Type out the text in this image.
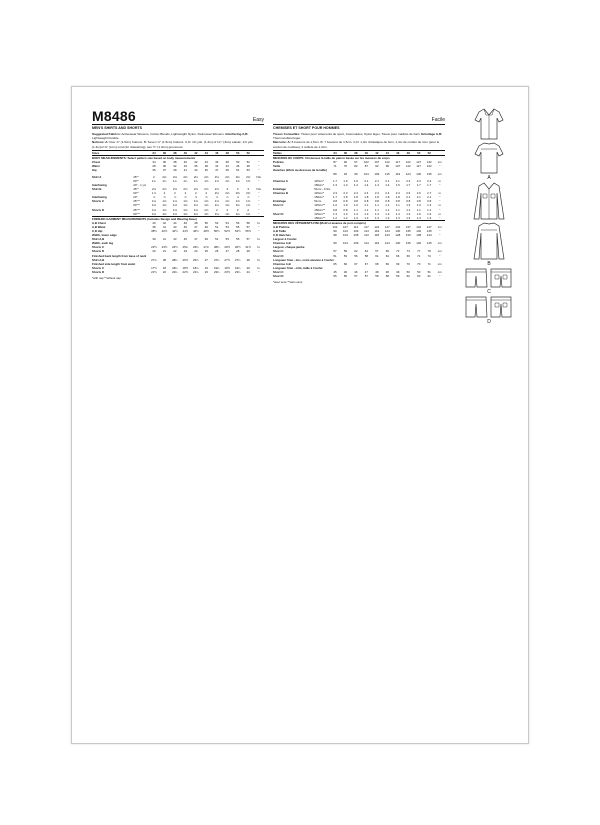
M8486	Easy
MEN'S SHIRTS AND SHORTS
Suggested Fabrics: Activewear Wovens, Cotton Blends, Lightweight Nylon, Swimwear Wovens. Interfacing A,B: Lightweight Fusible.
Notions: A: Five ⅝" (1.5cm) buttons. B: Seven ⅝" (1.5cm) buttons. C,D: 1⅜ yds. (1.3m) of 1¼" (3cm) elastic, 1⅜ yds. (1.4m)of ⅜" (1cm) cord (for drawstring), two ½" (1.3cm) grommets.
Sizes		34	36	38	40	42	44	46	48	50	52	
BODY MEASUREMENTS: Select pattern size based on body measurements												
Chest		34	36	38	40	42	44	46	48	50	52	"
Waist		28	30	32	34	36	39	42	44	46	48	"
Hip		35	37	39	41	43	45	47	49	51	53	"

Shirt A	45"*	2	2⅛	2⅛	2⅛	2⅛	2⅛	2⅛	2⅛	2⅛	2⅛	Yds.
	60"*	1¾	1¾	1¾	1¾	1¾	1⅝	1⅝	1⅝	1⅝	1⅝	"
Interfacing	20" - 1 yd.											
Shirt B	45"*	2⅝	2⅝	2⅝	2⅝	2⅝	2⅝	2⅝	3	3	3	Yds.
	60"*	1⅞	2	2	2	2	2	2⅛	2⅛	2⅜	2⅜	"
Interfacing	20"	⅞	⅞	⅞	⅞	⅞	⅞	⅞	⅞	⅞	⅞	"
Shorts C	45"**	1⅝	1⅝	1⅝	1⅝	1⅝	1⅝	1⅝	1⅝	1⅝	1⅝	"
	60"**	1⅛	1⅛	1⅛	1⅛	1⅛	1⅛	1⅛	1⅛	1⅛	1⅛	"
Shorts D	45"**	1⅝	1⅝	1⅝	1⅝	1⅝	1⅝	2	2	2	2	"
	60"**	1⅛	1⅛	1⅛	1⅛	1⅛	1⅛	1⅛	1⅛	1⅛	1⅛	"
FINISHED GARMENT MEASUREMENTS (Includes Design and Wearing Ease)												
A,B Chest		40	42	44	46	48	50	52	54	56	58	In.
A,B Waist		38	41	43	45	47	49	51	53	55	57	"
C,D Hip		38½	40½	42½	44½	46½	48½	50½	52½	54½	56½	"
Width, lower edge												
Shirt A,B		39	41	43	45	47	49	51	53	55	57	In.
Width, each leg												
Shorts C		22½	23½	24½	25¼	26¼	27¼	28¼	29½	30½	31½	In.
Shorts D		20	21	22	23	24	25	26	27	28	29	"
Finished back length from base of neck												
Shirt A,B		27¾	28	28¼	26½	26¾	27	27¼	27½	27¾	28	In.
Finished side length from waist												
Shorts C		17½	18	18¼	18½	18¾	19	19¼	19½	19¾	20	In.
Shorts D		21½	22	22¼	22½	22¾	23	23¼	23½	23¾	24	"
*with nap **without nap
Facile
CHEMISES ET SHORT POUR HOMMES
Tissus Conseillés: Tissus pour vêtements de sport, Cotonnades, Nylon léger, Tissus pour maillots de bain. Entoilage A,B: Thermocollant léger.
Mercerie: A: 5 boutons de 1,5cm. B: 7 boutons de 1,5cm. C,D: 1,3m d'élastique de 3cm, 1,4m de cordon de 1cm (pour le cordon de coulisse), 2 œillets de 1,3cm.
Tailles		34	36	38	40	42	44	46	48	50	52	
MESURES DU CORPS: Choisissez la taille du patron basée sur les mesures du corps												
Poitrine		87	92	97	102	107	112	117	122	127	132	cm
Taille		71	76	82	87	92	99	107	112	117	122	"
Hanches (23cm au-dessous de la taille)												
		89	94	99	104	109	115	119	124	130	135	cm

Chemise A	115cm*	1.7	1.9	1.9	2.1	2.1	2.1	2.1	2.3	2.3	2.3	m
	150cm*	1.3	1.3	1.3	1.4	1.4	1.4	1.5	1.7	1.7	1.7	"
Entoilage	51cm - 0.9m											
Chemise B	115cm*	2.3	2.3	2.4	2.4	2.4	2.4	2.4	2.6	2.6	2.7	m
	150cm*	1.7	1.8	1.8	1.8	1.8	1.8	1.8	2.1	2.1	2.1	"
Entoilage	51cm	0.8	0.8	0.8	0.8	0.8	0.8	0.8	0.8	0.8	0.8	"
Short C	115cm**	1.0	1.0	1.0	1.1	1.1	1.1	1.1	1.3	1.3	1.3	m
	150cm**	0.8	0.8	1.1	1.1	1.1	1.1	1.1	1.1	1.1	1.1	"
Short D	115cm**	1.3	1.3	1.3	1.3	1.3	1.3	1.4	1.4	1.6	1.6	m
	150cm**	1.2	1.2	1.3	1.3	1.3	1.3	1.3	1.3	1.3	1.3	"
MESURES DES VÊTEMENTS FINI (Motif et aisance de port compris)												
A,B Poitrine		102	107	112	117	122	127	132	137	142	147	cm
A,B Taille		99	104	109	114	119	124	130	135	140	145	"
C,D Hanches		98	103	108	113	118	123	128	133	138	144	"
Largeur à l'ourlet												
Chemise A,B		99	104	109	114	119	124	130	135	140	145	cm
Largeur, chaque jambe												
Short C		57	59	62	64	67	69	72	74	77	79	cm
Short D		51	53	56	58	61	64	66	69	71	74	"
Longueur finie - dos, votre aisance à l'ourlet												
Chemise A,B		65	66	67	67	68	69	69	70	70	71	cm
Longueur finie - côté, taille à l'ourlet												
Short C		45	46	46	47	48	48	49	50	50	51	cm
Short D		55	56	57	57	58	58	59	60	60	61	"
*avec sens **sans sens
A
B
C
D
